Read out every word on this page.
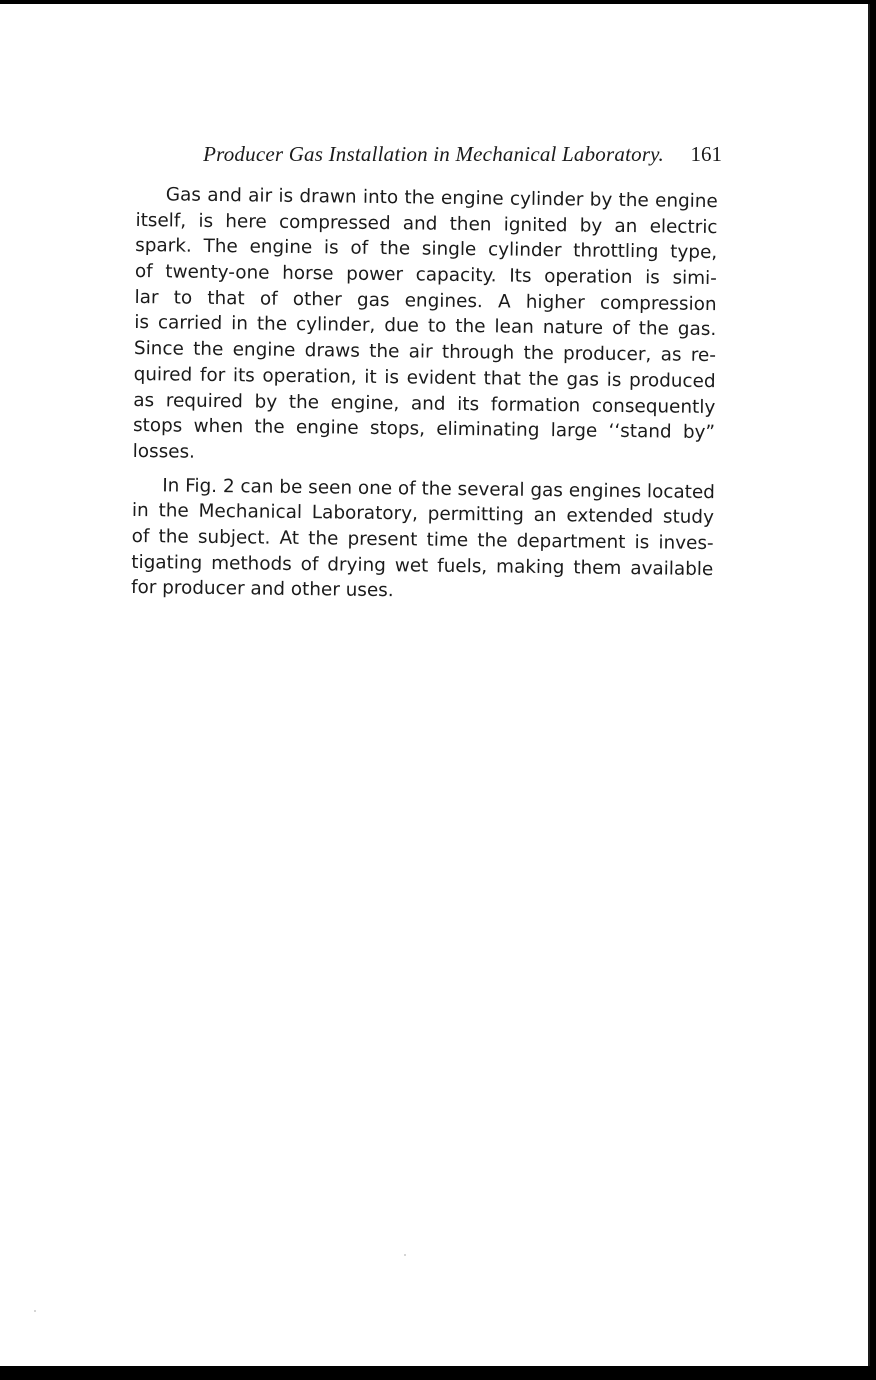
Producer Gas Installation in Mechanical Laboratory. 161

Gas and air is drawn into the engine cylinder by the engine
itself, is here compressed and then ignited by an electric
spark. The engine is of the single cylinder throttling type,
of twenty-one horse power capacity. Its operation is simi-
lar to that of other gas engines. A higher compression
is carried in the cylinder, due to the lean nature of the gas.
Since the engine draws the air through the producer, as re-
quired for its operation, it is evident that the gas is produced
as required by the engine, and its formation consequently
stops when the engine stops, eliminating large ‘‘stand by”
losses.

In Fig. 2 can be seen one of the several gas engines located
in the Mechanical Laboratory, permitting an extended study
of the subject. At the present time the department is inves-
tigating methods of drying wet fuels, making them available
for producer and other uses.
